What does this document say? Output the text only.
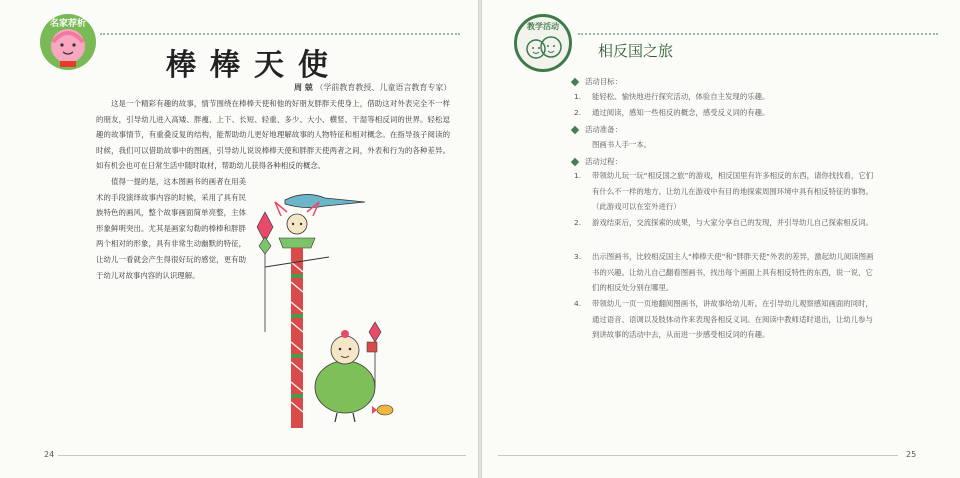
名家荐析
棒棒天使
周 兢 （学前教育教授、儿童语言教育专家）

这是一个精彩有趣的故事，情节围绕在棒棒天使和他的好朋友胖胖天使身上，借助这对外表完全不一样的朋友，引导幼儿进入高矮、胖瘦、上下、长短、轻重、多少、大小、横竖、干湿等相反词的世界。轻松逗趣的故事情节，有重叠反复的结构，能帮助幼儿更好地理解故事的人物特征和相对概念。在指导孩子阅读的时候，我们可以借助故事中的图画，引导幼儿说说棒棒天使和胖胖天使两者之间，外表和行为的各种差异。如有机会也可在日常生活中随时取材，帮助幼儿获得各种相反的概念。

值得一提的是，这本图画书的画者在用美术的手段演绎故事内容的时候，采用了具有民族特色的画风，整个故事画面简单亮整，主体形象鲜明突出。尤其是画家勾勒的棒棒和胖胖两个相对的形象，具有非常生动幽默的特征，让幼儿一看就会产生得很好玩的感觉，更有助于幼儿对故事内容的认识理解。

24
教学活动
相反国之旅
活动目标：
1. 能轻松、愉快地进行探究活动，体验自主发现的乐趣。
2. 通过阅读，感知一些相反的概念，感受反义词的有趣。
活动准备：
图画书人手一本。
活动过程：
1. 带领幼儿玩一玩“相反国之旅”的游戏，相反国里有许多相反的东西，请你找找看，它们有什么不一样的地方。让幼儿在游戏中有目的地探索周围环境中具有相反特征的事物。（此游戏可以在室外进行）
2. 游戏结束后，交流探索的成果，与大家分享自己的发现，并引导幼儿自己探索相反词。
3. 出示图画书，比较相反国主人“棒棒天使”和“胖胖天使”外表的差异，激起幼儿阅读图画书的兴趣。让幼儿自己翻看图画书，找出每个画面上具有相反特性的东西，说一说，它们的相反处分别在哪里。
4. 带领幼儿一页一页地翻阅图画书，讲故事给幼儿听。在引导幼儿观察感知画面的同时，通过语音、语调以及肢体动作来表现各相反义词。在阅读中教师适时退出，让幼儿参与到讲故事的活动中去，从而进一步感受相反词的有趣。
25
